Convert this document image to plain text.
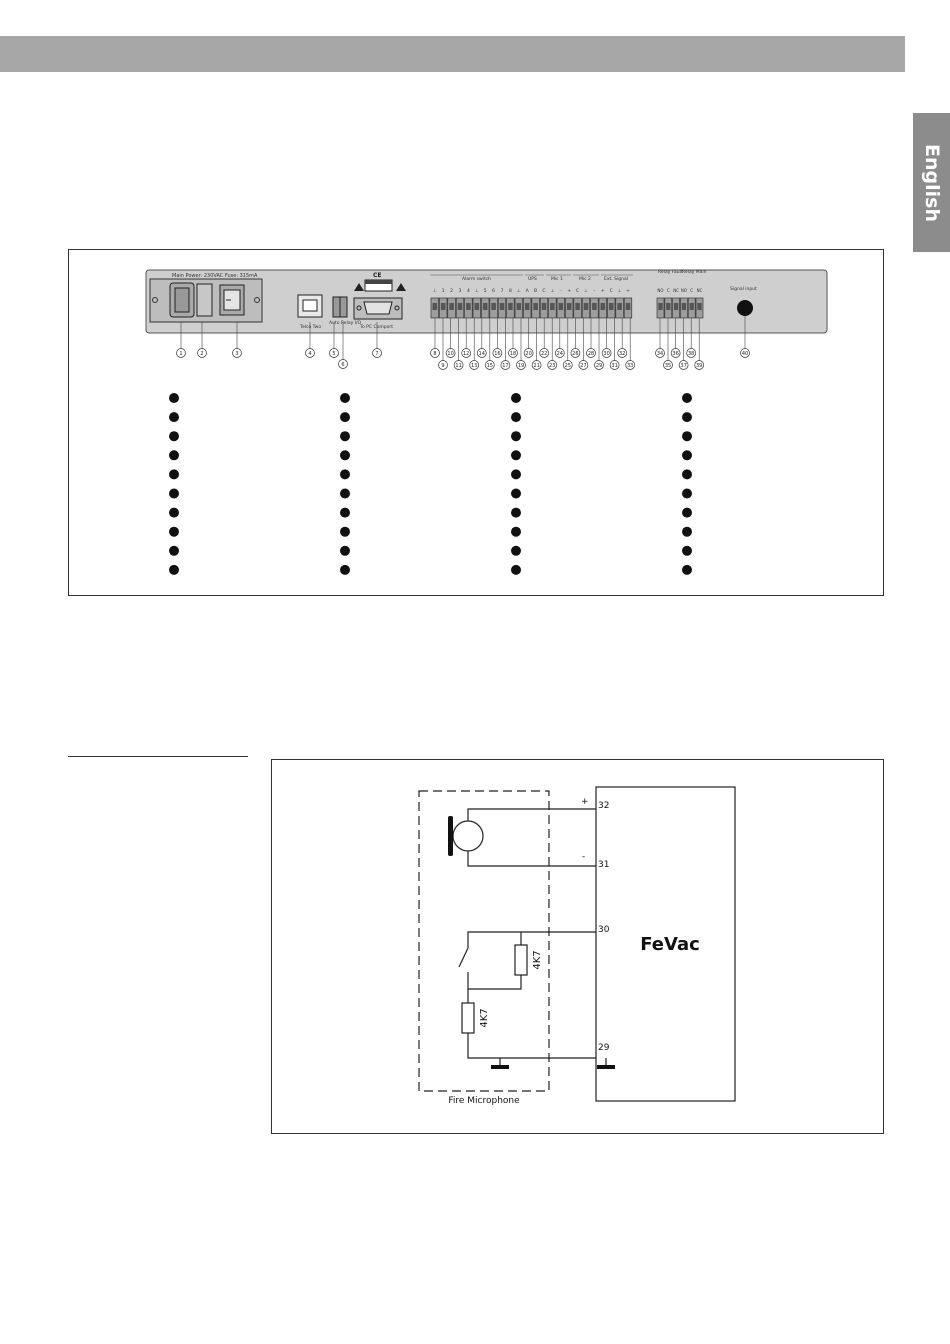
English
Main Power: 230VAC Fuse: 315mA
Telco Two
Auto Relay I/O
CE
To PC Comport
Alarm switch	UPS	Mic 1	Mic 2	Ext. Signal
Relay Fault Relay Main
Signal input
⊥ 1 2 3 4 ⊥ 5 6 7 8 ⊥ A B C ⊥ - + C ⊥ - + C ⊥ +	NO C NC NO C NC
1	2	3	4	5
6
7	8 10 12 14 16 18 20 22 24 26 28 30 32
9 11 13 15 17 19 21 23 25 27 29 31 33
34 36 38
35 37 39
40
Fire Microphone
FeVac
32
31
30
29
+
-
4K7
4K7
